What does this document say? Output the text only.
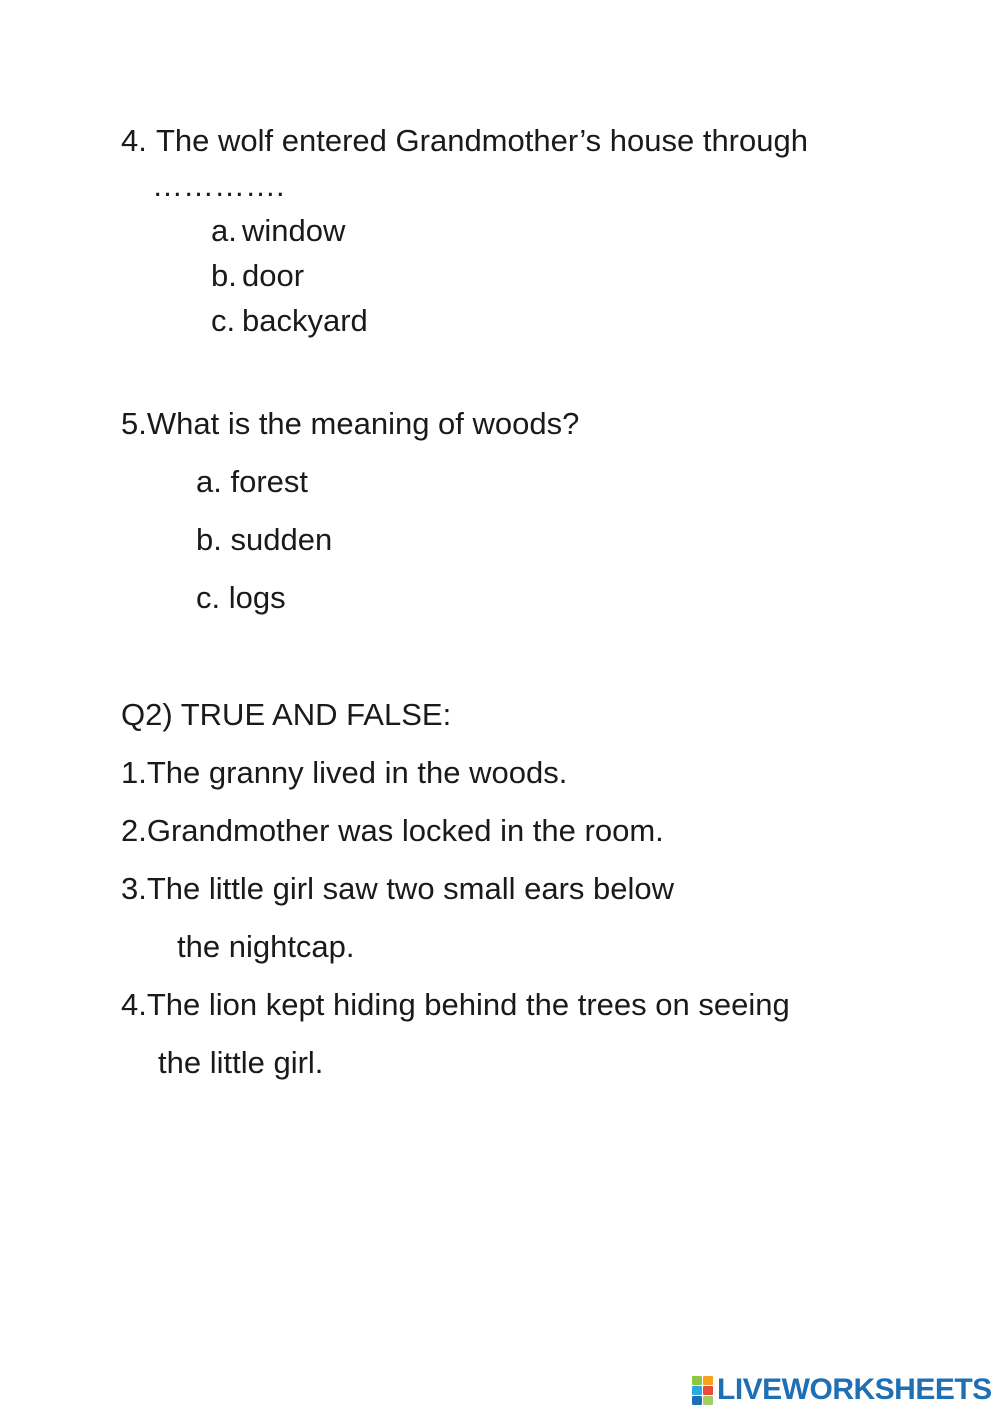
4. The wolf entered Grandmother’s house through
………….
a. window
b. door
c. backyard
5.What is the meaning of woods?
a. forest
b. sudden
c. logs
Q2) TRUE AND FALSE:
1.The granny lived in the woods.
2.Grandmother was locked in the room.
3.The little girl saw two small ears below
the nightcap.
4.The lion kept hiding behind the trees on seeing
the little girl.
LIVEWORKSHEETS
